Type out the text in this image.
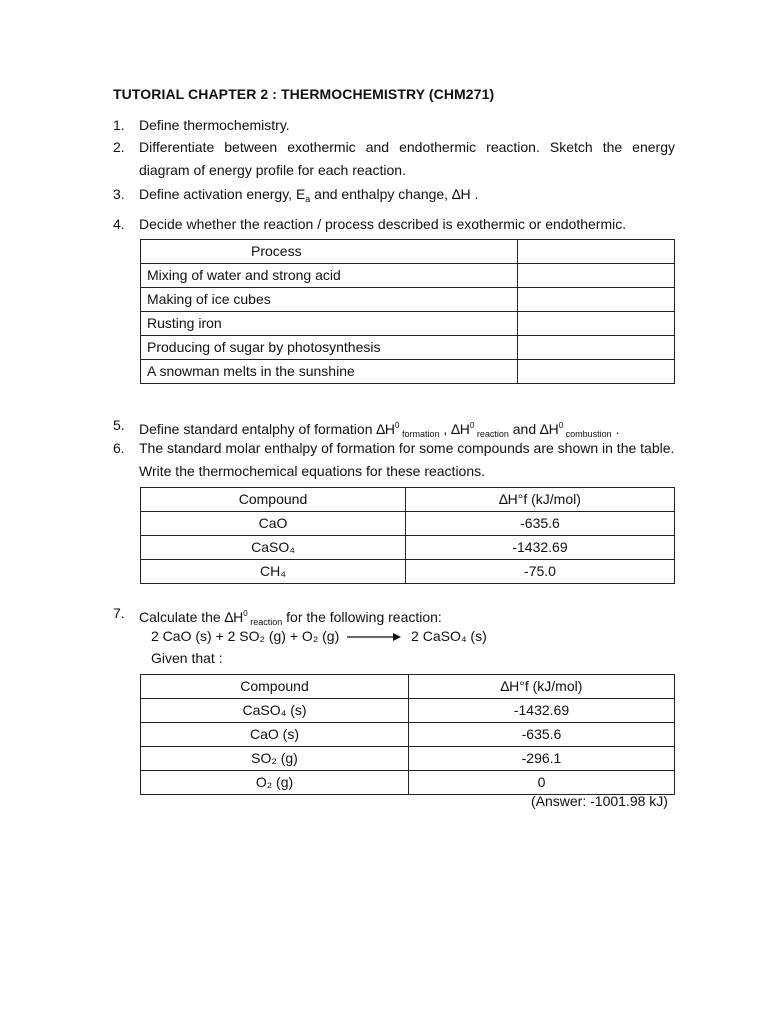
TUTORIAL CHAPTER 2 : THERMOCHEMISTRY (CHM271)
1. Define thermochemistry.
2. Differentiate between exothermic and endothermic reaction. Sketch the energy diagram of energy profile for each reaction.
3. Define activation energy, $E_a$ and enthalpy change, ∆H .
4. Decide whether the reaction / process described is exothermic or endothermic.
Process	
Mixing of water and strong acid	
Making of ice cubes	
Rusting iron	
Producing of sugar by photosynthesis	
A snowman melts in the sunshine	
5. Define standard entalphy of formation $\Delta H^0$ $_{formation}$ , $\Delta H^0$ $_{reaction}$ and $\Delta H^0$ $_{combustion}$ .
6. The standard molar enthalpy of formation for some compounds are shown in the table. Write the thermochemical equations for these reactions.
Compound	∆H°f (kJ/mol)
CaO	-635.6
CaSO₄	-1432.69
CH₄	-75.0
7. Calculate the $\Delta H^0$ $_{reaction}$ for the following reaction:
2 CaO (s) + 2 SO₂ (g) + O₂ (g) → 2 CaSO₄ (s)
Given that :
Compound	∆H°f (kJ/mol)
CaSO₄ (s)	-1432.69
CaO (s)	-635.6
SO₂ (g)	-296.1
O₂ (g)	0
(Answer: -1001.98 kJ)
